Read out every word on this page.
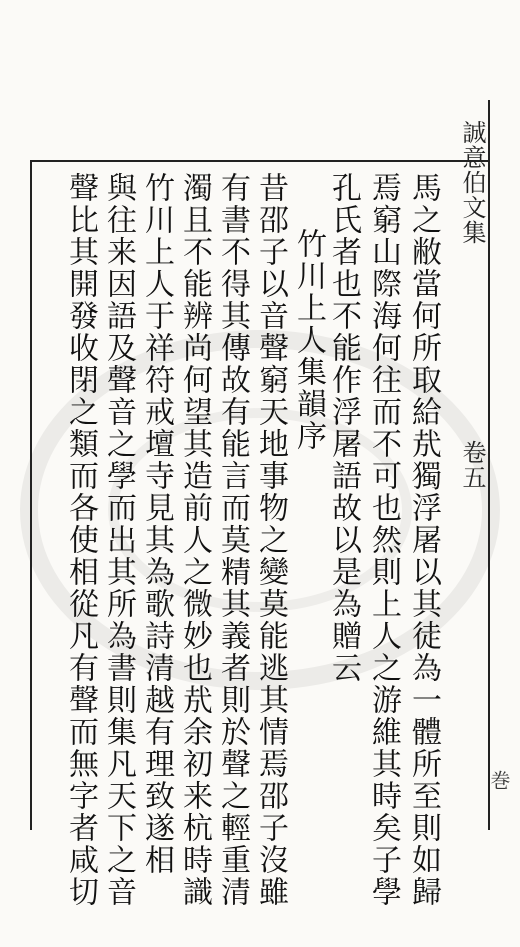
誠意伯文集
卷五
巻
馬之敝當何所取給㢤獨浮屠以其徒為一體所至則如歸
焉窮山際海何往而不可也然則上人之游維其時矣子學
孔氏者也不能作浮屠語故以是為贈云
竹川上人集韻序
昔邵子以音聲窮天地事物之變莫能逃其情焉邵子沒雖
有書不得其傳故有能言而莫精其義者則於聲之輕重清
濁且不能辨尚何望其造前人之微妙也㢤余初来杭時識
竹川上人于祥符戒壇寺見其為歌詩清越有理致遂相
與往来因語及聲音之學而出其所為書則集凡天下之音
聲比其開發收閉之類而各使相從凡有聲而無字者咸切
